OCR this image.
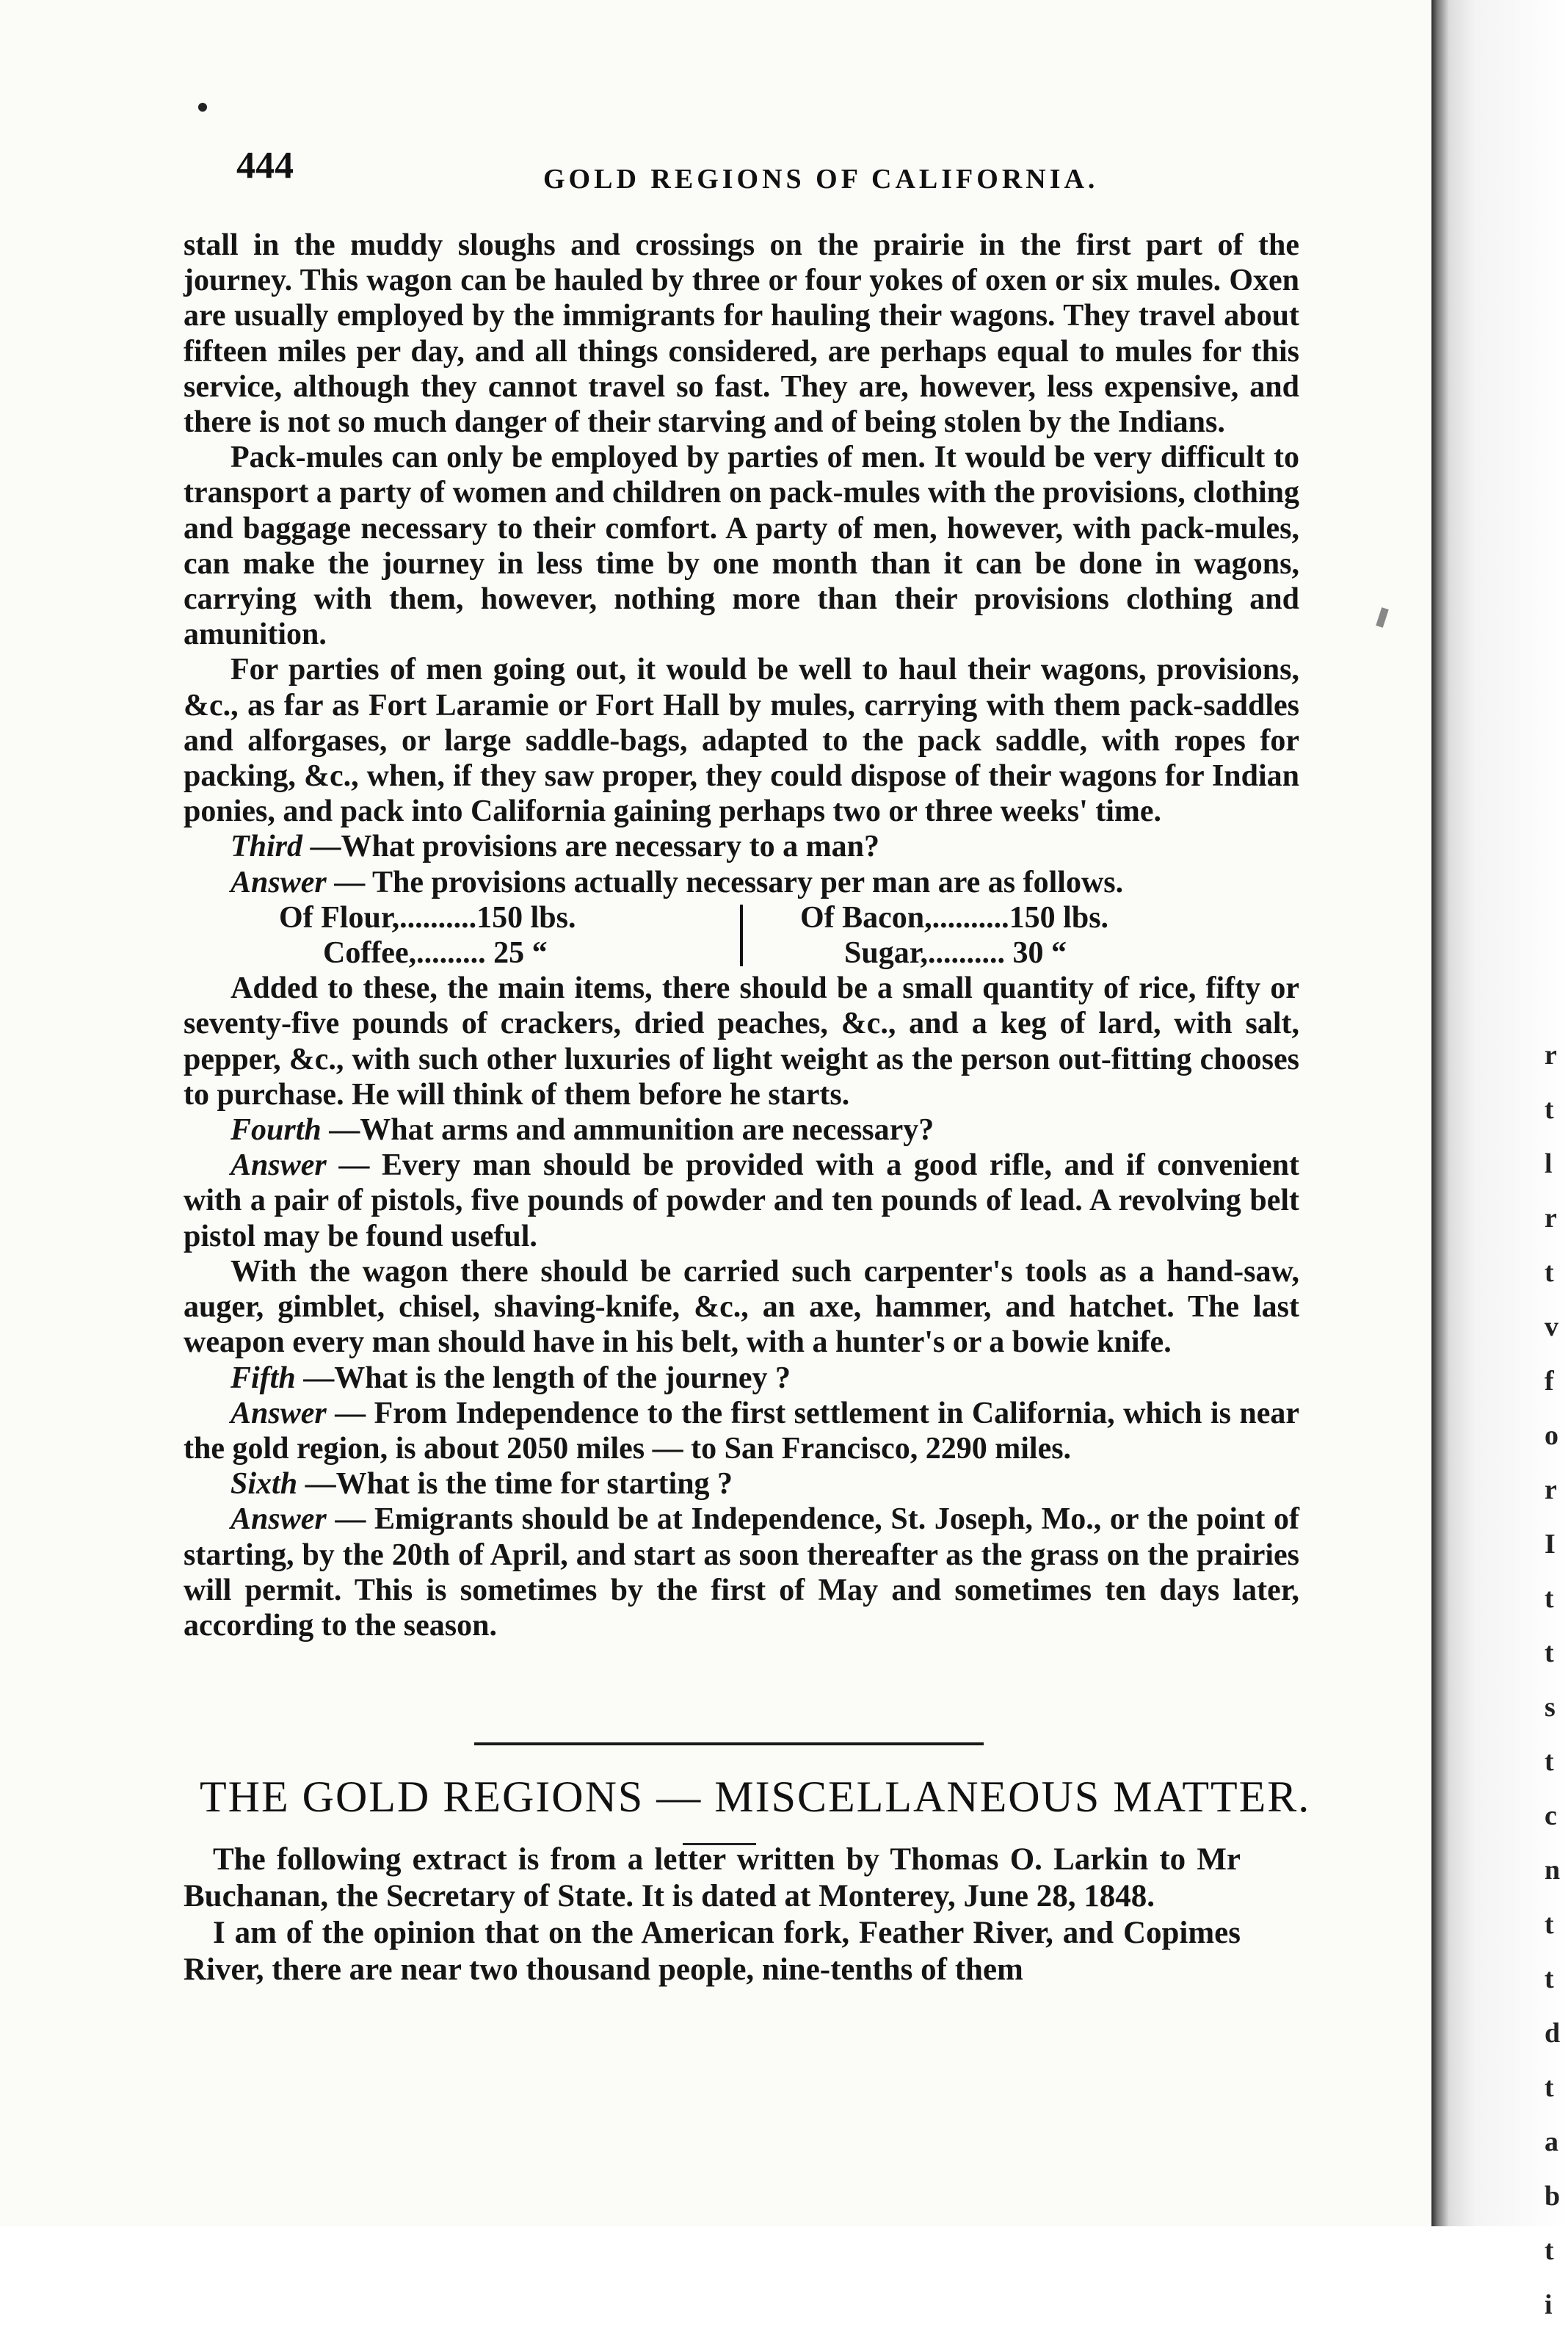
444	GOLD REGIONS OF CALIFORNIA.

stall in the muddy sloughs and crossings on the prairie in the first part of the journey. This wagon can be hauled by three or four yokes of oxen or six mules. Oxen are usually employed by the immigrants for hauling their wagons. They travel about fifteen miles per day, and all things considered, are perhaps equal to mules for this service, although they cannot travel so fast. They are, however, less expensive, and there is not so much danger of their starving and of being stolen by the Indians.

Pack-mules can only be employed by parties of men. It would be very difficult to transport a party of women and children on pack-mules with the provisions, clothing and baggage necessary to their comfort. A party of men, however, with pack-mules, can make the journey in less time by one month than it can be done in wagons, carrying with them, however, nothing more than their provisions clothing and amunition.

For parties of men going out, it would be well to haul their wagons, provisions, &c., as far as Fort Laramie or Fort Hall by mules, carrying with them pack-saddles and alforgases, or large saddle-bags, adapted to the pack saddle, with ropes for packing, &c., when, if they saw proper, they could dispose of their wagons for Indian ponies, and pack into California gaining perhaps two or three weeks' time.

Third —What provisions are necessary to a man?

Answer — The provisions actually necessary per man are as follows.

Of Flour,..........150 lbs.
Coffee,......... 25 “
Of Bacon,..........150 lbs.
Sugar,.......... 30 “

Added to these, the main items, there should be a small quantity of rice, fifty or seventy-five pounds of crackers, dried peaches, &c., and a keg of lard, with salt, pepper, &c., with such other luxuries of light weight as the person out-fitting chooses to purchase. He will think of them before he starts.

Fourth —What arms and ammunition are necessary?

Answer — Every man should be provided with a good rifle, and if convenient with a pair of pistols, five pounds of powder and ten pounds of lead. A revolving belt pistol may be found useful.

With the wagon there should be carried such carpenter's tools as a hand-saw, auger, gimblet, chisel, shaving-knife, &c., an axe, hammer, and hatchet. The last weapon every man should have in his belt, with a hunter's or a bowie knife.

Fifth —What is the length of the journey ?

Answer — From Independence to the first settlement in California, which is near the gold region, is about 2050 miles — to San Francisco, 2290 miles.

Sixth —What is the time for starting ?

Answer — Emigrants should be at Independence, St. Joseph, Mo., or the point of starting, by the 20th of April, and start as soon thereafter as the grass on the prairies will permit. This is sometimes by the first of May and sometimes ten days later, according to the season.

THE GOLD REGIONS — MISCELLANEOUS MATTER.

The following extract is from a letter written by Thomas O. Larkin to Mr Buchanan, the Secretary of State. It is dated at Monterey, June 28, 1848.

I am of the opinion that on the American fork, Feather River, and Copimes River, there are near two thousand people, nine-tenths of them

r
t
l
r
t
v
f
o
r
I
t
t
s
t
c
n
t
t
d
t
a
b
t
i
